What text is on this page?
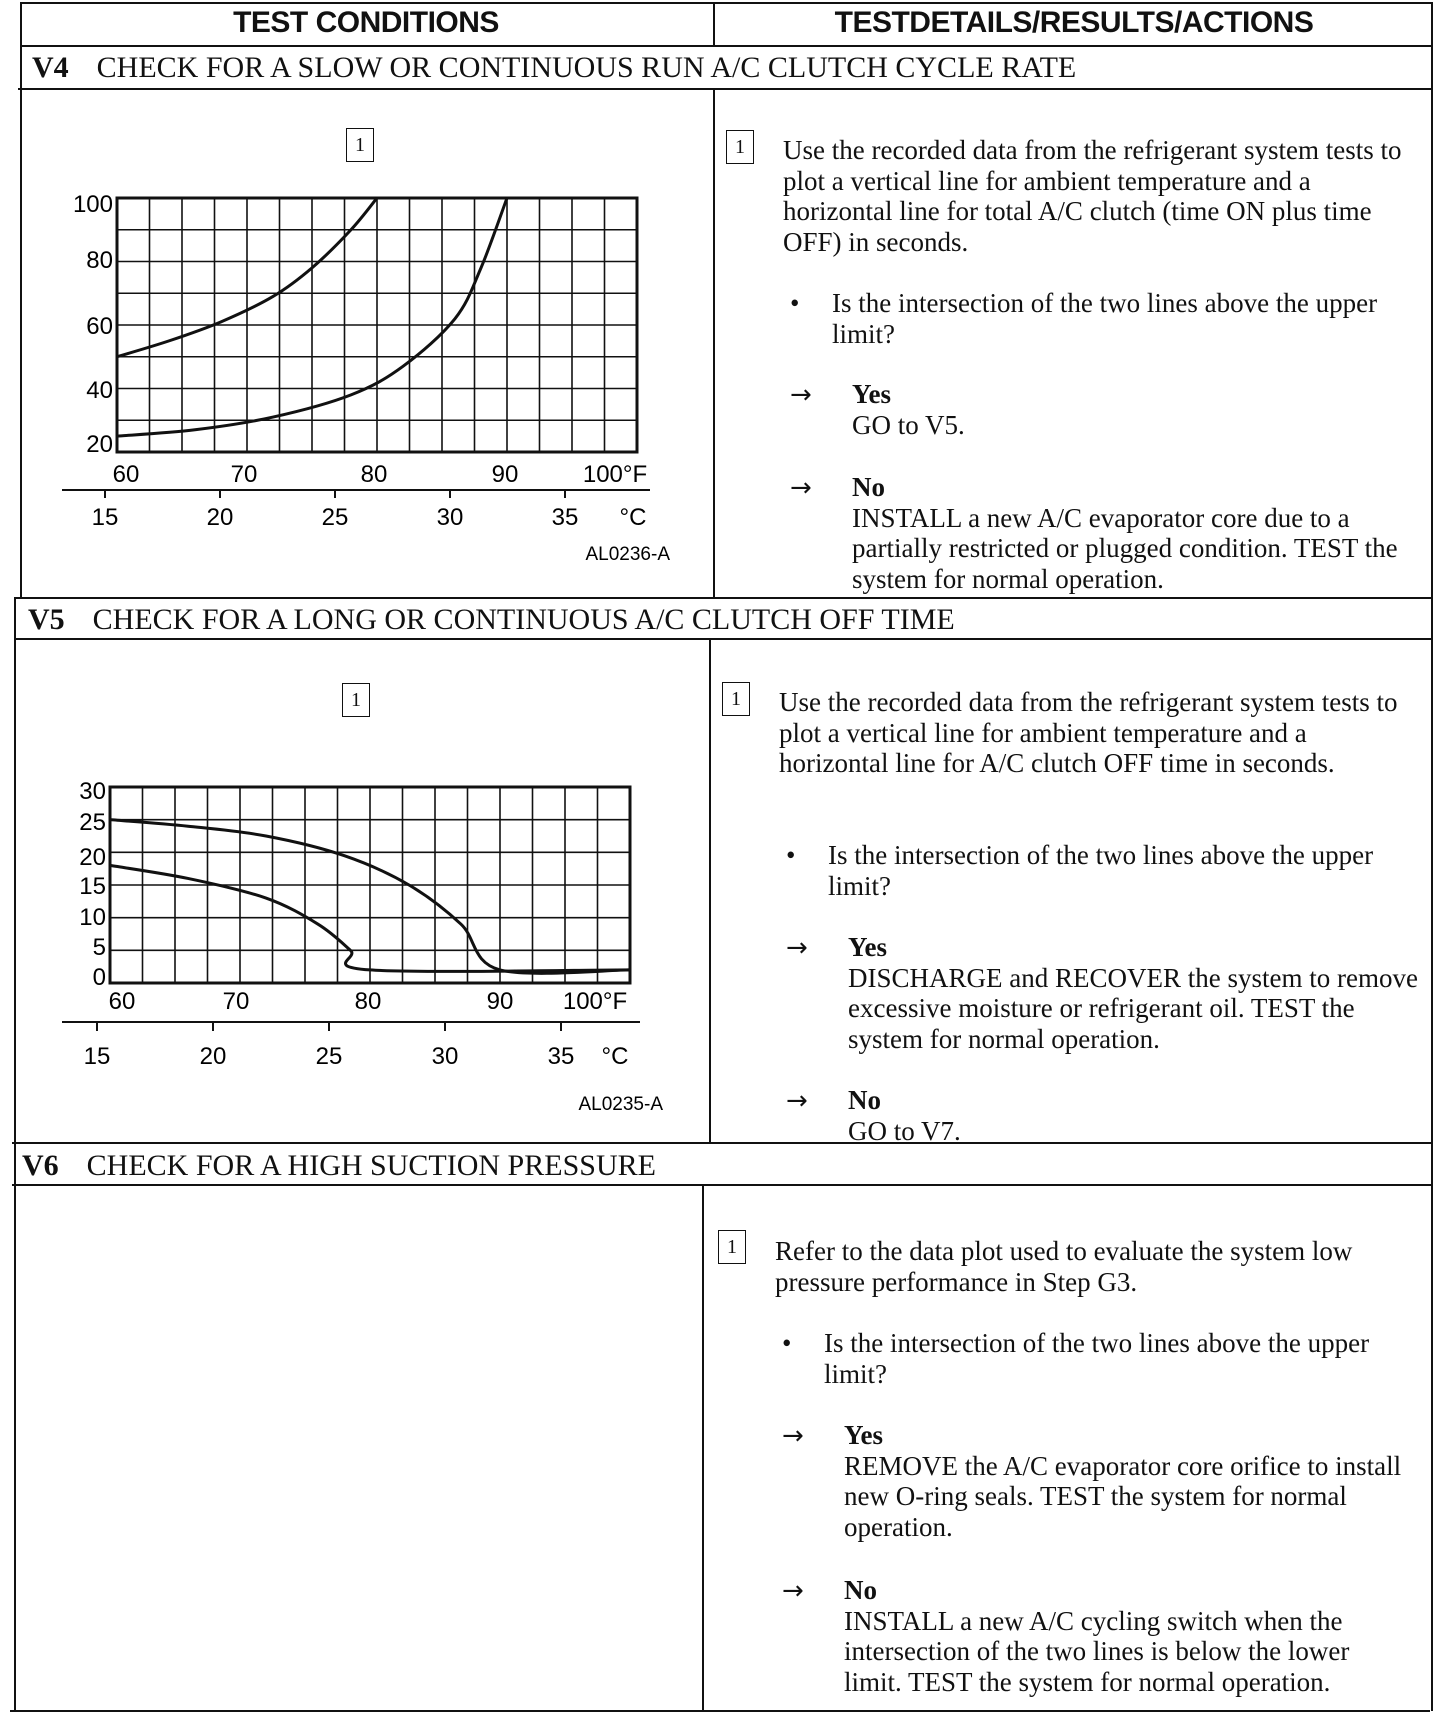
TEST CONDITIONS	TESTDETAILS/RESULTS/ACTIONS
V4 CHECK FOR A SLOW OR CONTINUOUS RUN A/C CLUTCH CYCLE RATE
1
100
80
60
40
20
60	70	80	90	100°F
15	20	25	30	35 °C
AL0236-A
1	Use the recorded data from the refrigerant system tests to plot a vertical line for ambient temperature and a horizontal line for total A/C clutch (time ON plus time OFF) in seconds.
• Is the intersection of the two lines above the upper limit?
→ Yes
GO to V5.
→ No
INSTALL a new A/C evaporator core due to a partially restricted or plugged condition. TEST the system for normal operation.
V5 CHECK FOR A LONG OR CONTINUOUS A/C CLUTCH OFF TIME
1
30
25
20
15
10
5
0
60	70	80	90 100°F
15	20	25	30	35 °C
AL0235-A
1	Use the recorded data from the refrigerant system tests to plot a vertical line for ambient temperature and a horizontal line for A/C clutch OFF time in seconds.
• Is the intersection of the two lines above the upper limit?
→ Yes
DISCHARGE and RECOVER the system to remove excessive moisture or refrigerant oil. TEST the system for normal operation.
→ No
GO to V7.
V6 CHECK FOR A HIGH SUCTION PRESSURE
1	Refer to the data plot used to evaluate the system low pressure performance in Step G3.
• Is the intersection of the two lines above the upper limit?
→ Yes
REMOVE the A/C evaporator core orifice to install new O-ring seals. TEST the system for normal operation.
→ No
INSTALL a new A/C cycling switch when the intersection of the two lines is below the lower limit. TEST the system for normal operation.
